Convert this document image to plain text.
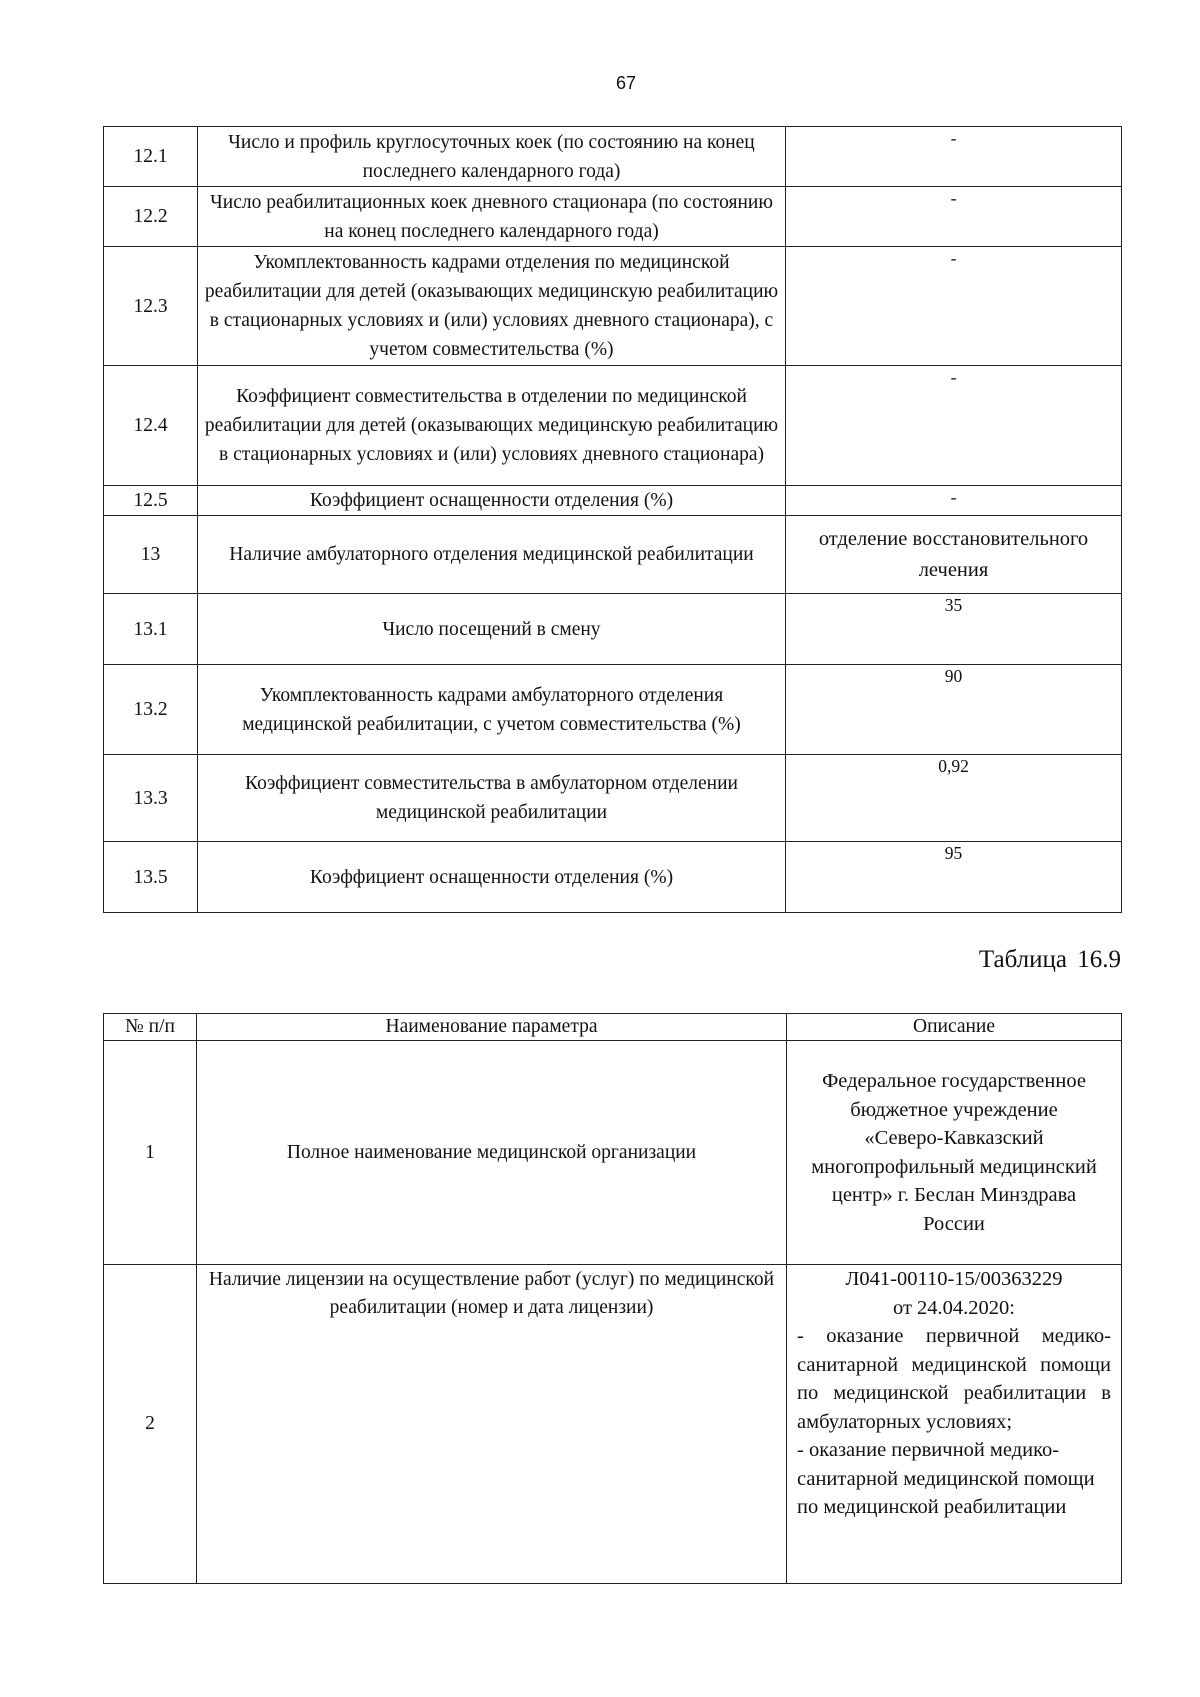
67
12.1	Число и профиль круглосуточных коек (по состоянию на конец последнего календарного года)	-
12.2	Число реабилитационных коек дневного стационара (по состоянию на конец последнего календарного года)	-
12.3	Укомплектованность кадрами отделения по медицинской реабилитации для детей (оказывающих медицинскую реабилитацию в стационарных условиях и (или) условиях дневного стационара), с учетом совместительства (%)	-
12.4	Коэффициент совместительства в отделении по медицинской реабилитации для детей (оказывающих медицинскую реабилитацию в стационарных условиях и (или) условиях дневного стационара)	-
12.5	Коэффициент оснащенности отделения (%)	-
13	Наличие амбулаторного отделения медицинской реабилитации	отделение восстановительного лечения
13.1	Число посещений в смену	35
13.2	Укомплектованность кадрами амбулаторного отделения медицинской реабилитации, с учетом совместительства (%)	90
13.3	Коэффициент совместительства в амбулаторном отделении медицинской реабилитации	0,92
13.5	Коэффициент оснащенности отделения (%)	95
Таблица 16.9
№ п/п	Наименование параметра	Описание
1	Полное наименование медицинской организации	Федеральное государственное бюджетное учреждение «Северо-Кавказский многопрофильный медицинский центр» г. Беслан Минздрава России
2	Наличие лицензии на осуществление работ (услуг) по медицинской реабилитации (номер и дата лицензии)	Л041-00110-15/00363229
от 24.04.2020:
- оказание первичной медико-санитарной медицинской помощи по медицинской реабилитации в амбулаторных условиях;
- оказание первичной медико-санитарной медицинской помощи по медицинской реабилитации
